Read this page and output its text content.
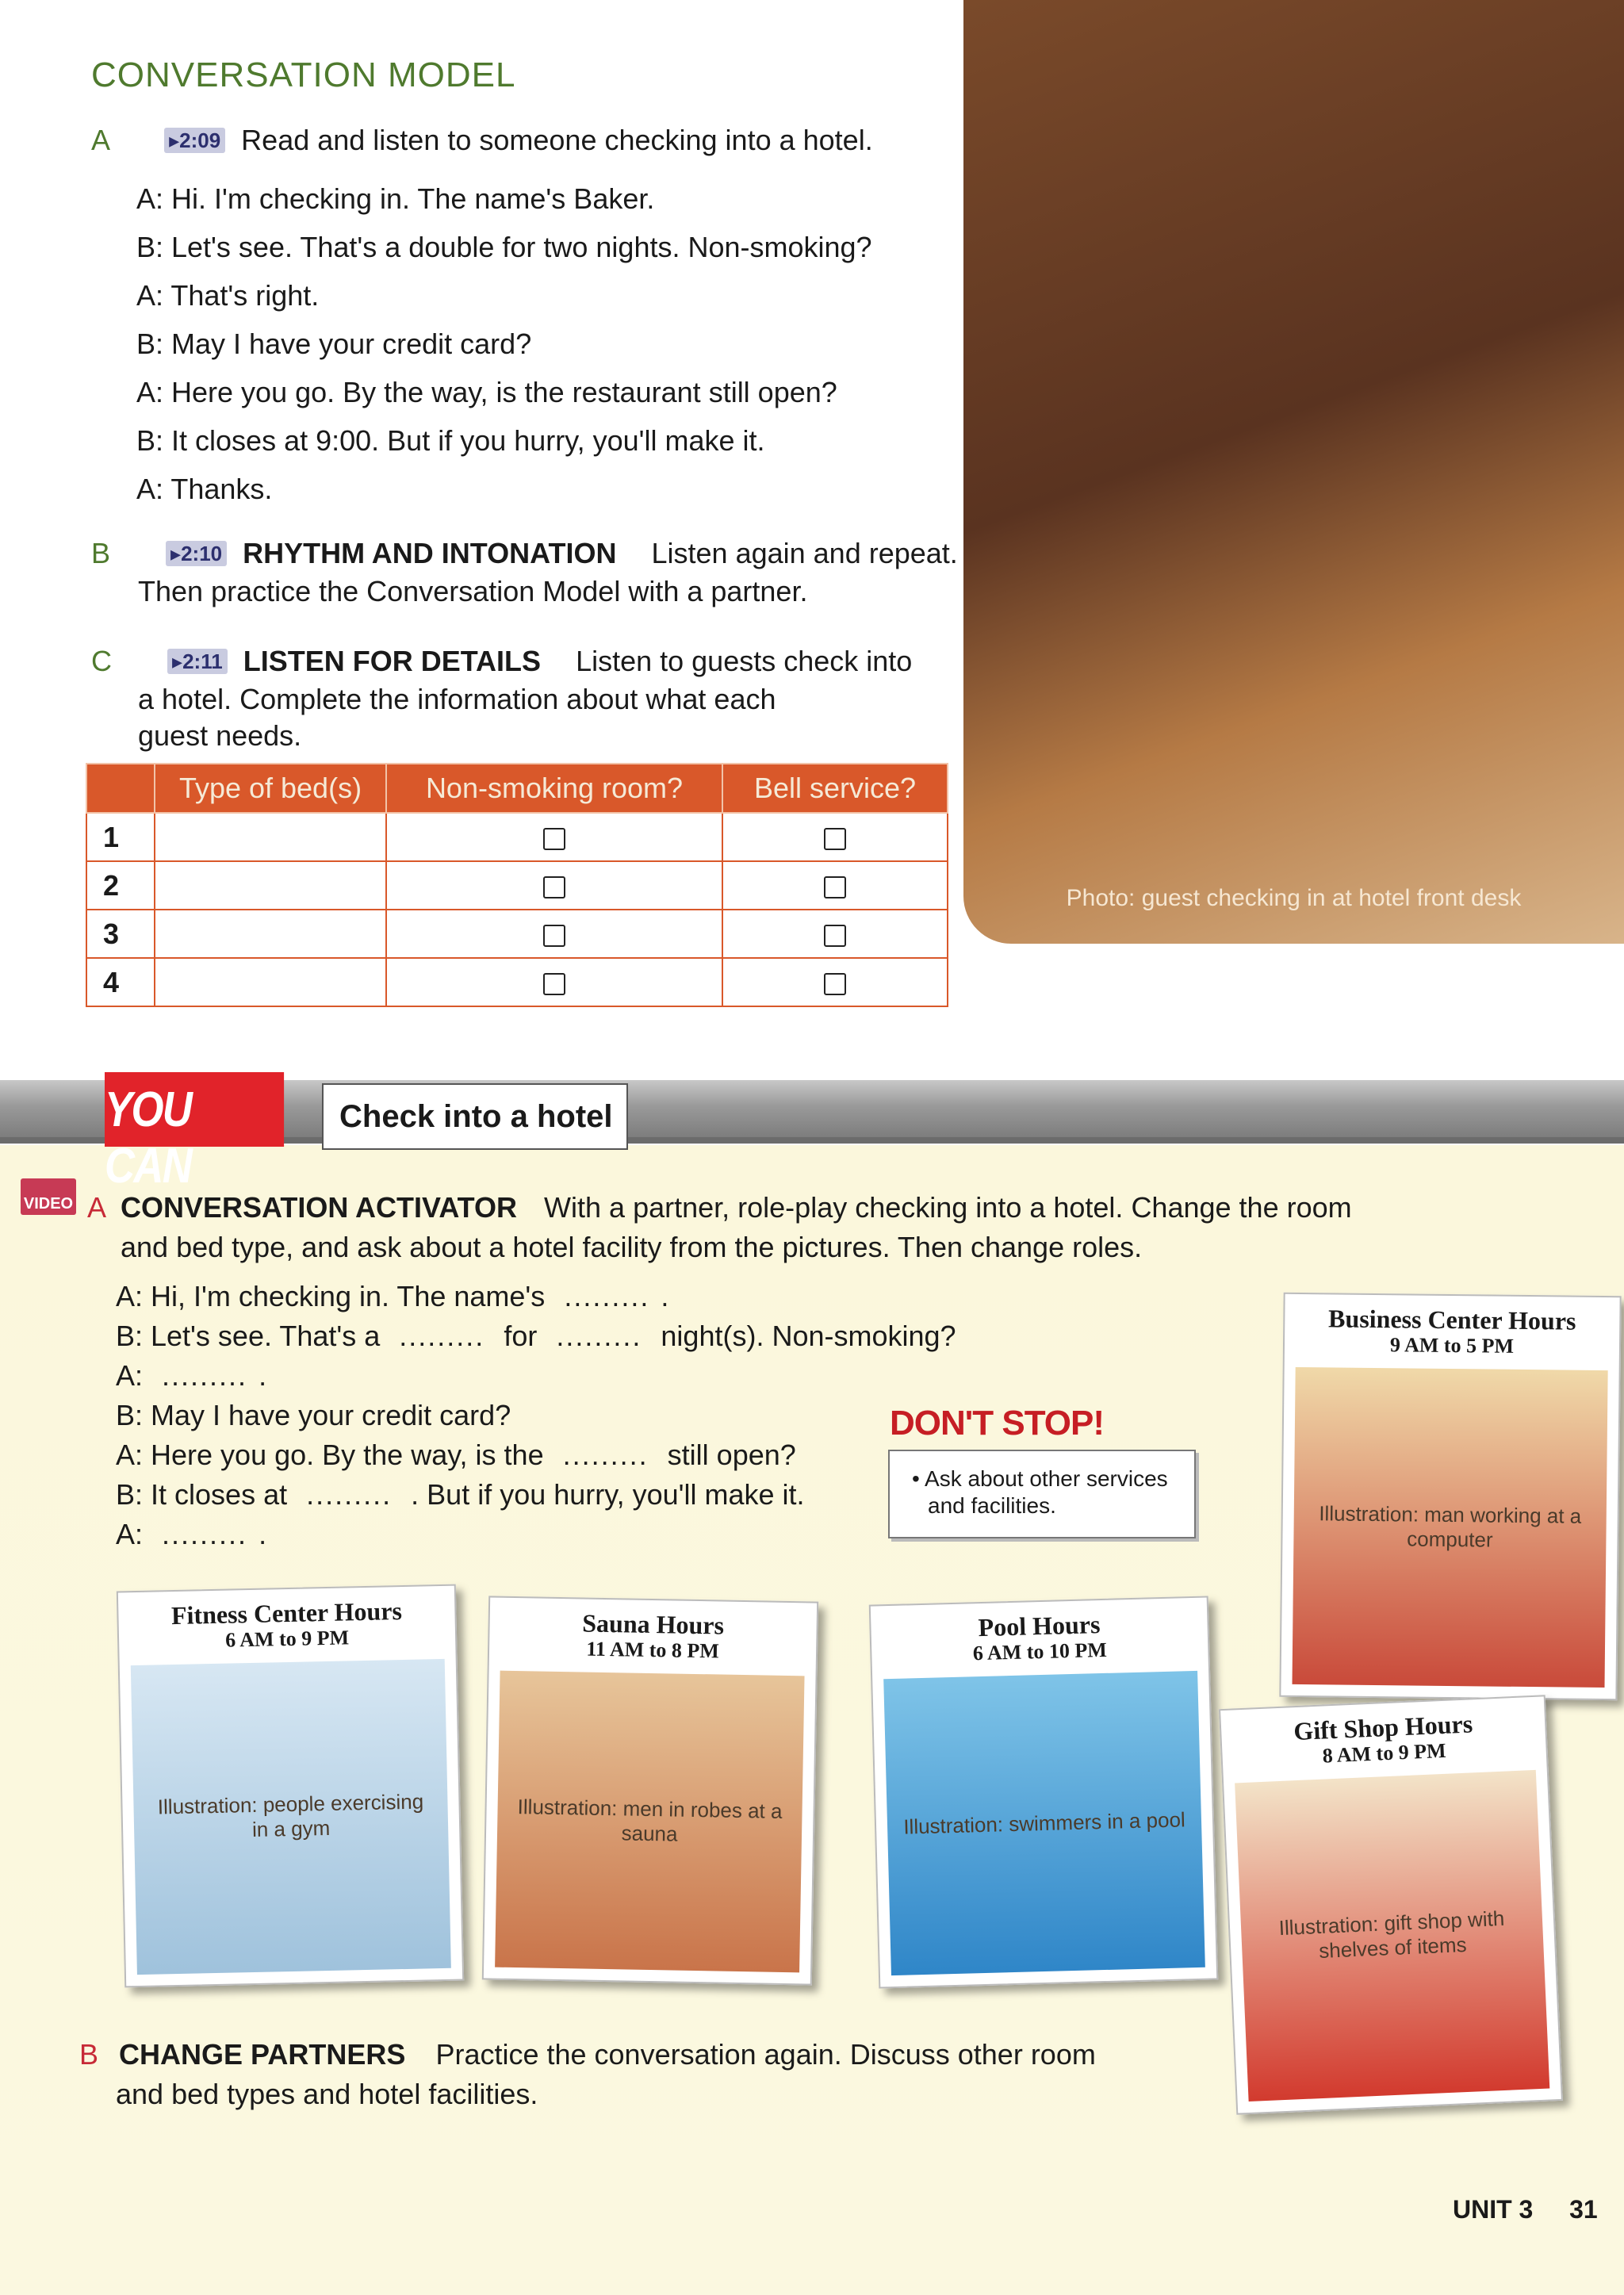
CONVERSATION MODEL
A	▸2:09 Read and listen to someone checking into a hotel.
A: Hi. I'm checking in. The name's Baker.
B: Let's see. That's a double for two nights. Non-smoking?
A: That's right.
B: May I have your credit card?
A: Here you go. By the way, is the restaurant still open?
B: It closes at 9:00. But if you hurry, you'll make it.
A: Thanks.
B	▸2:10 RHYTHM AND INTONATION Listen again and repeat.
Then practice the Conversation Model with a partner.
C	▸2:11 LISTEN FOR DETAILS Listen to guests check into
a hotel. Complete the information about what each
guest needs.
	Type of bed(s)	Non-smoking room?	Bell service?
1			
2			
3			
4			
Photo: guest checking in at hotel front desk
NOW YOU	Check into a hotel
VIDEO A CONVERSATION ACTIVATOR With a partner, role-play checking into a hotel. Change the room and bed type, and ask about a hotel facility from the pictures. Then change roles.
A: Hi, I'm checking in. The name's ......... .
B: Let's see. That's a ......... for ......... night(s). Non-smoking?
A: ......... .
B: May I have your credit card?
A: Here you go. By the way, is the ......... still open?
B: It closes at ......... . But if you hurry, you'll make it.
A: ......... .
DON'T STOP!
• Ask about other services
and facilities.
Fitness Center Hours
6 AM to 9 PM
Illustration: people exercising in a gym
Sauna Hours
11 AM to 8 PM
Illustration: men in robes at a sauna
Pool Hours
6 AM to 10 PM
Illustration: swimmers in a pool
Business Center Hours
9 AM to 5 PM
Illustration: man working at a computer
Gift Shop Hours
8 AM to 9 PM
Illustration: gift shop with shelves of items
B CHANGE PARTNERS Practice the conversation again. Discuss other room
and bed types and hotel facilities.
UNIT 3 31
